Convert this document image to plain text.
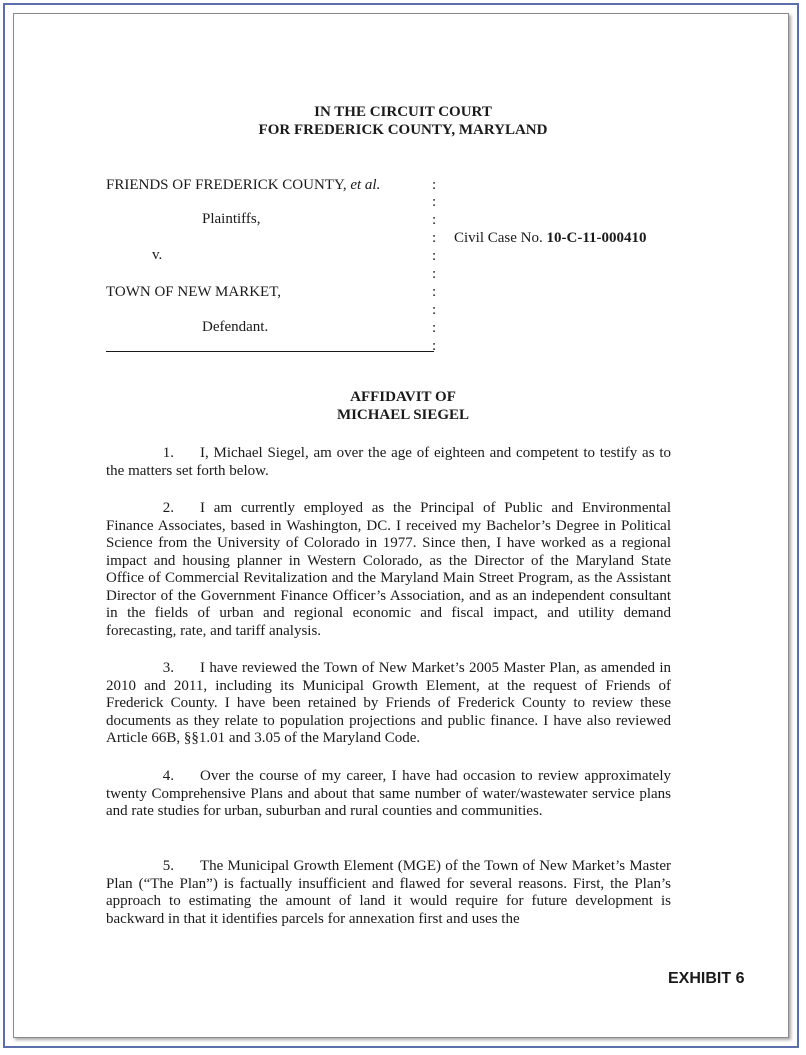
IN THE CIRCUIT COURT
FOR FREDERICK COUNTY, MARYLAND
FRIENDS OF FREDERICK COUNTY, et al.
Plaintiffs,
v.
TOWN OF NEW MARKET,
Defendant.
:
:
:
:
:
:
:
:
:
:
Civil Case No. 10-C-11-000410
AFFIDAVIT OF
MICHAEL SIEGEL
1. I, Michael Siegel, am over the age of eighteen and competent to testify as to the matters set forth below.
2. I am currently employed as the Principal of Public and Environmental Finance Associates, based in Washington, DC. I received my Bachelor’s Degree in Political Science from the University of Colorado in 1977. Since then, I have worked as a regional impact and housing planner in Western Colorado, as the Director of the Maryland State Office of Commercial Revitalization and the Maryland Main Street Program, as the Assistant Director of the Government Finance Officer’s Association, and as an independent consultant in the fields of urban and regional economic and fiscal impact, and utility demand forecasting, rate, and tariff analysis.
3. I have reviewed the Town of New Market’s 2005 Master Plan, as amended in 2010 and 2011, including its Municipal Growth Element, at the request of Friends of Frederick County. I have been retained by Friends of Frederick County to review these documents as they relate to population projections and public finance. I have also reviewed Article 66B, §§1.01 and 3.05 of the Maryland Code.
4. Over the course of my career, I have had occasion to review approximately twenty Comprehensive Plans and about that same number of water/wastewater service plans and rate studies for urban, suburban and rural counties and communities.
5. The Municipal Growth Element (MGE) of the Town of New Market’s Master Plan (“The Plan”) is factually insufficient and flawed for several reasons. First, the Plan’s approach to estimating the amount of land it would require for future development is backward in that it identifies parcels for annexation first and uses the
EXHIBIT 6
